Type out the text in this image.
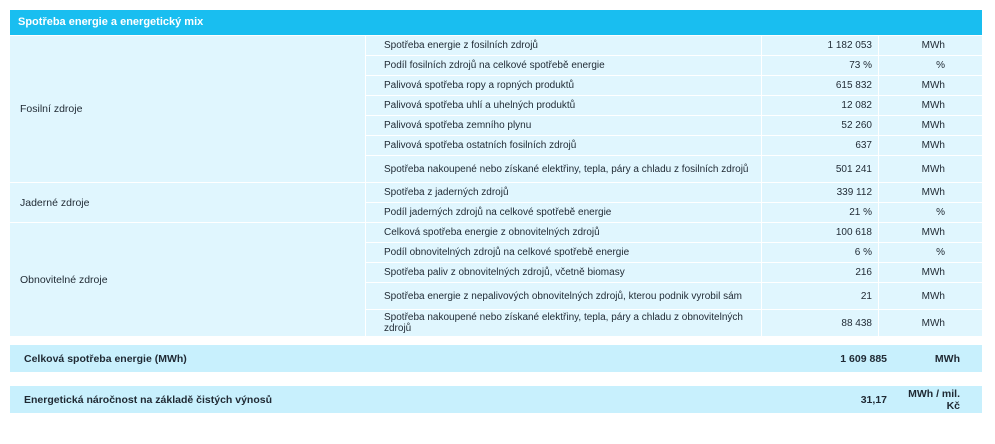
Spotřeba energie a energetický mix
Fosilní zdroje
Spotřeba energie z fosilních zdrojů	1 182 053	MWh
Podíl fosilních zdrojů na celkové spotřebě energie	73 %	%
Palivová spotřeba ropy a ropných produktů	615 832	MWh
Palivová spotřeba uhlí a uhelných produktů	12 082	MWh
Palivová spotřeba zemního plynu	52 260	MWh
Palivová spotřeba ostatních fosilních zdrojů	637	MWh
Spotřeba nakoupené nebo získané elektřiny, tepla, páry a chladu z fosilních zdrojů	501 241	MWh
Jaderné zdroje
Spotřeba z jaderných zdrojů	339 112	MWh
Podíl jaderných zdrojů na celkové spotřebě energie	21 %	%
Obnovitelné zdroje
Celková spotřeba energie z obnovitelných zdrojů	100 618	MWh
Podíl obnovitelných zdrojů na celkové spotřebě energie	6 %	%
Spotřeba paliv z obnovitelných zdrojů, včetně biomasy	216	MWh
Spotřeba energie z nepalivových obnovitelných zdrojů, kterou podnik vyrobil sám	21	MWh
Spotřeba nakoupené nebo získané elektřiny, tepla, páry a chladu z obnovitelných zdrojů	88 438	MWh
Celková spotřeba energie (MWh)	1 609 885	MWh
Energetická náročnost na základě čistých výnosů	31,17	MWh / mil. Kč
